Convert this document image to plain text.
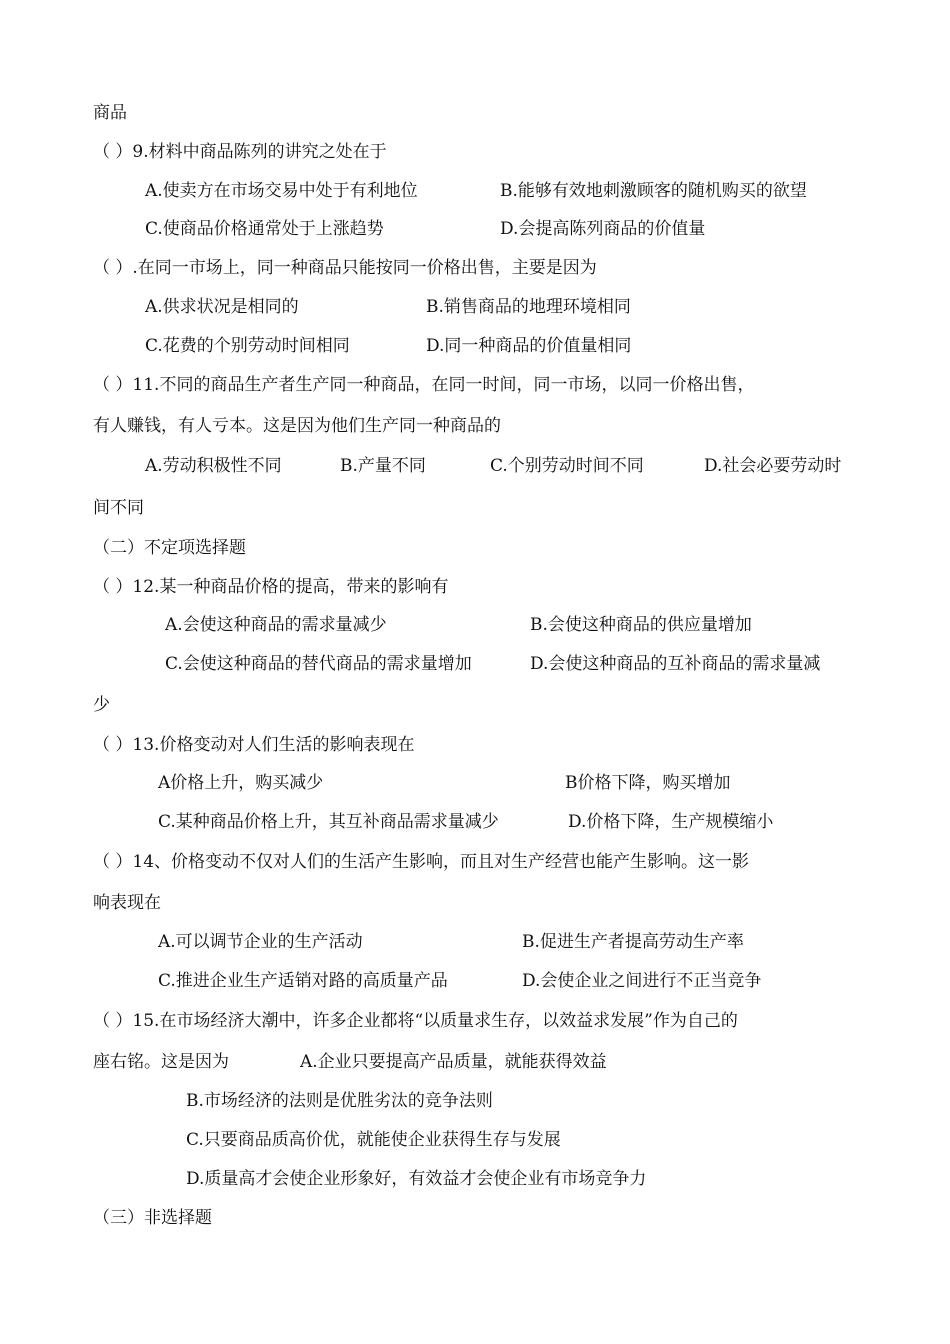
商品
（ ）9.材料中商品陈列的讲究之处在于
A.使卖方在市场交易中处于有利地位	B.能够有效地刺激顾客的随机购买的欲望
C.使商品价格通常处于上涨趋势	D.会提高陈列商品的价值量
（ ）.在同一市场上，同一种商品只能按同一价格出售，主要是因为
A.供求状况是相同的	B.销售商品的地理环境相同
C.花费的个别劳动时间相同	D.同一种商品的价值量相同
（ ）11.不同的商品生产者生产同一种商品，在同一时间，同一市场，以同一价格出售，
有人赚钱，有人亏本。这是因为他们生产同一种商品的
A.劳动积极性不同	B.产量不同	C.个别劳动时间不同	D.社会必要劳动时
间不同
（二）不定项选择题
（ ）12.某一种商品价格的提高，带来的影响有
A.会使这种商品的需求量减少	B.会使这种商品的供应量增加
C.会使这种商品的替代商品的需求量增加	D.会使这种商品的互补商品的需求量减
少
（ ）13.价格变动对人们生活的影响表现在
A价格上升，购买减少	B价格下降，购买增加
C.某种商品价格上升，其互补商品需求量减少	D.价格下降，生产规模缩小
（ ）14、价格变动不仅对人们的生活产生影响，而且对生产经营也能产生影响。这一影
响表现在
A.可以调节企业的生产活动	B.促进生产者提高劳动生产率
C.推进企业生产适销对路的高质量产品	D.会使企业之间进行不正当竞争
（ ）15.在市场经济大潮中，许多企业都将“以质量求生存，以效益求发展”作为自己的
座右铭。这是因为	A.企业只要提高产品质量，就能获得效益
B.市场经济的法则是优胜劣汰的竞争法则
C.只要商品质高价优，就能使企业获得生存与发展
D.质量高才会使企业形象好，有效益才会使企业有市场竞争力
（三）非选择题
